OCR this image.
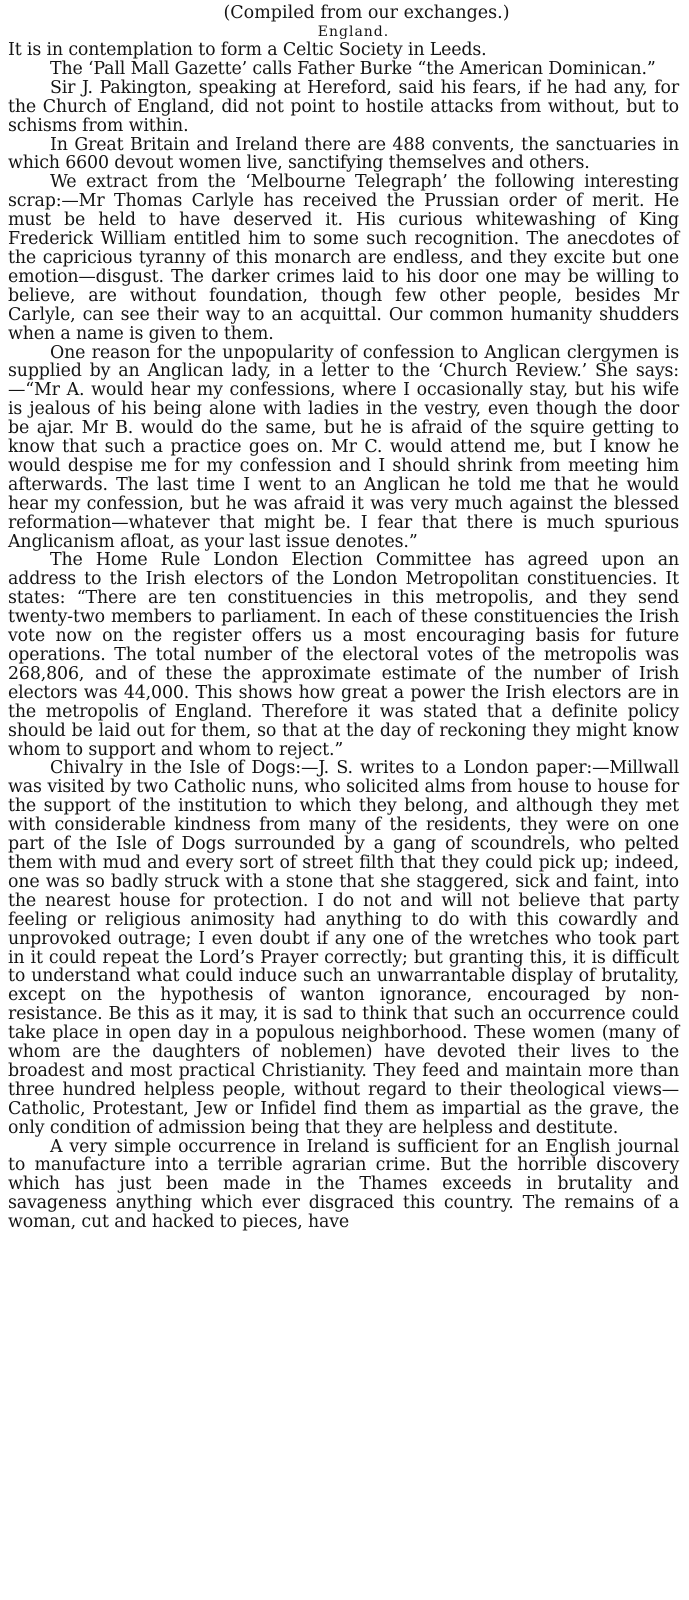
(Compiled from our exchanges.)
England.

It is in contemplation to form a Celtic Society in Leeds.

The ‘Pall Mall Gazette’ calls Father Burke “the American Dominican.”

Sir J. Pakington, speaking at Hereford, said his fears, if he had any, for the Church of England, did not point to hostile attacks from without, but to schisms from within.

In Great Britain and Ireland there are 488 convents, the sanctuaries in which 6600 devout women live, sanctifying themselves and others.

We extract from the ‘Melbourne Telegraph’ the following interesting scrap:—Mr Thomas Carlyle has received the Prussian order of merit. He must be held to have deserved it. His curious whitewashing of King Frederick William entitled him to some such recognition. The anecdotes of the capricious tyranny of this monarch are endless, and they excite but one emotion—disgust. The darker crimes laid to his door one may be willing to believe, are without foundation, though few other people, besides Mr Carlyle, can see their way to an acquittal. Our common humanity shudders when a name is given to them.

One reason for the unpopularity of confession to Anglican clergymen is supplied by an Anglican lady, in a letter to the ‘Church Review.’ She says:—“Mr A. would hear my confessions, where I occasionally stay, but his wife is jealous of his being alone with ladies in the vestry, even though the door be ajar. Mr B. would do the same, but he is afraid of the squire getting to know that such a practice goes on. Mr C. would attend me, but I know he would despise me for my confession and I should shrink from meeting him afterwards. The last time I went to an Anglican he told me that he would hear my confession, but he was afraid it was very much against the blessed reformation—whatever that might be. I fear that there is much spurious Anglicanism afloat, as your last issue denotes.”

The Home Rule London Election Committee has agreed upon an address to the Irish electors of the London Metropolitan constituencies. It states: “There are ten constituencies in this metropolis, and they send twenty-two members to parliament. In each of these constituencies the Irish vote now on the register offers us a most encouraging basis for future operations. The total number of the electoral votes of the metropolis was 268,806, and of these the approximate estimate of the number of Irish electors was 44,000. This shows how great a power the Irish electors are in the metropolis of England. Therefore it was stated that a definite policy should be laid out for them, so that at the day of reckoning they might know whom to support and whom to reject.”

Chivalry in the Isle of Dogs:—J. S. writes to a London paper:—Millwall was visited by two Catholic nuns, who solicited alms from house to house for the support of the institution to which they belong, and although they met with considerable kindness from many of the residents, they were on one part of the Isle of Dogs surrounded by a gang of scoundrels, who pelted them with mud and every sort of street filth that they could pick up; indeed, one was so badly struck with a stone that she staggered, sick and faint, into the nearest house for protection. I do not and will not believe that party feeling or religious animosity had anything to do with this cowardly and unprovoked outrage; I even doubt if any one of the wretches who took part in it could repeat the Lord’s Prayer correctly; but granting this, it is difficult to understand what could induce such an unwarrantable display of brutality, except on the hypothesis of wanton ignorance, encouraged by non-resistance. Be this as it may, it is sad to think that such an occurrence could take place in open day in a populous neighborhood. These women (many of whom are the daughters of noblemen) have devoted their lives to the broadest and most practical Christianity. They feed and maintain more than three hundred helpless people, without regard to their theological views—Catholic, Protestant, Jew or Infidel find them as impartial as the grave, the only condition of admission being that they are helpless and destitute.

A very simple occurrence in Ireland is sufficient for an English journal to manufacture into a terrible agrarian crime. But the horrible discovery which has just been made in the Thames exceeds in brutality and savageness anything which ever disgraced this country. The remains of a woman, cut and hacked to pieces, have
